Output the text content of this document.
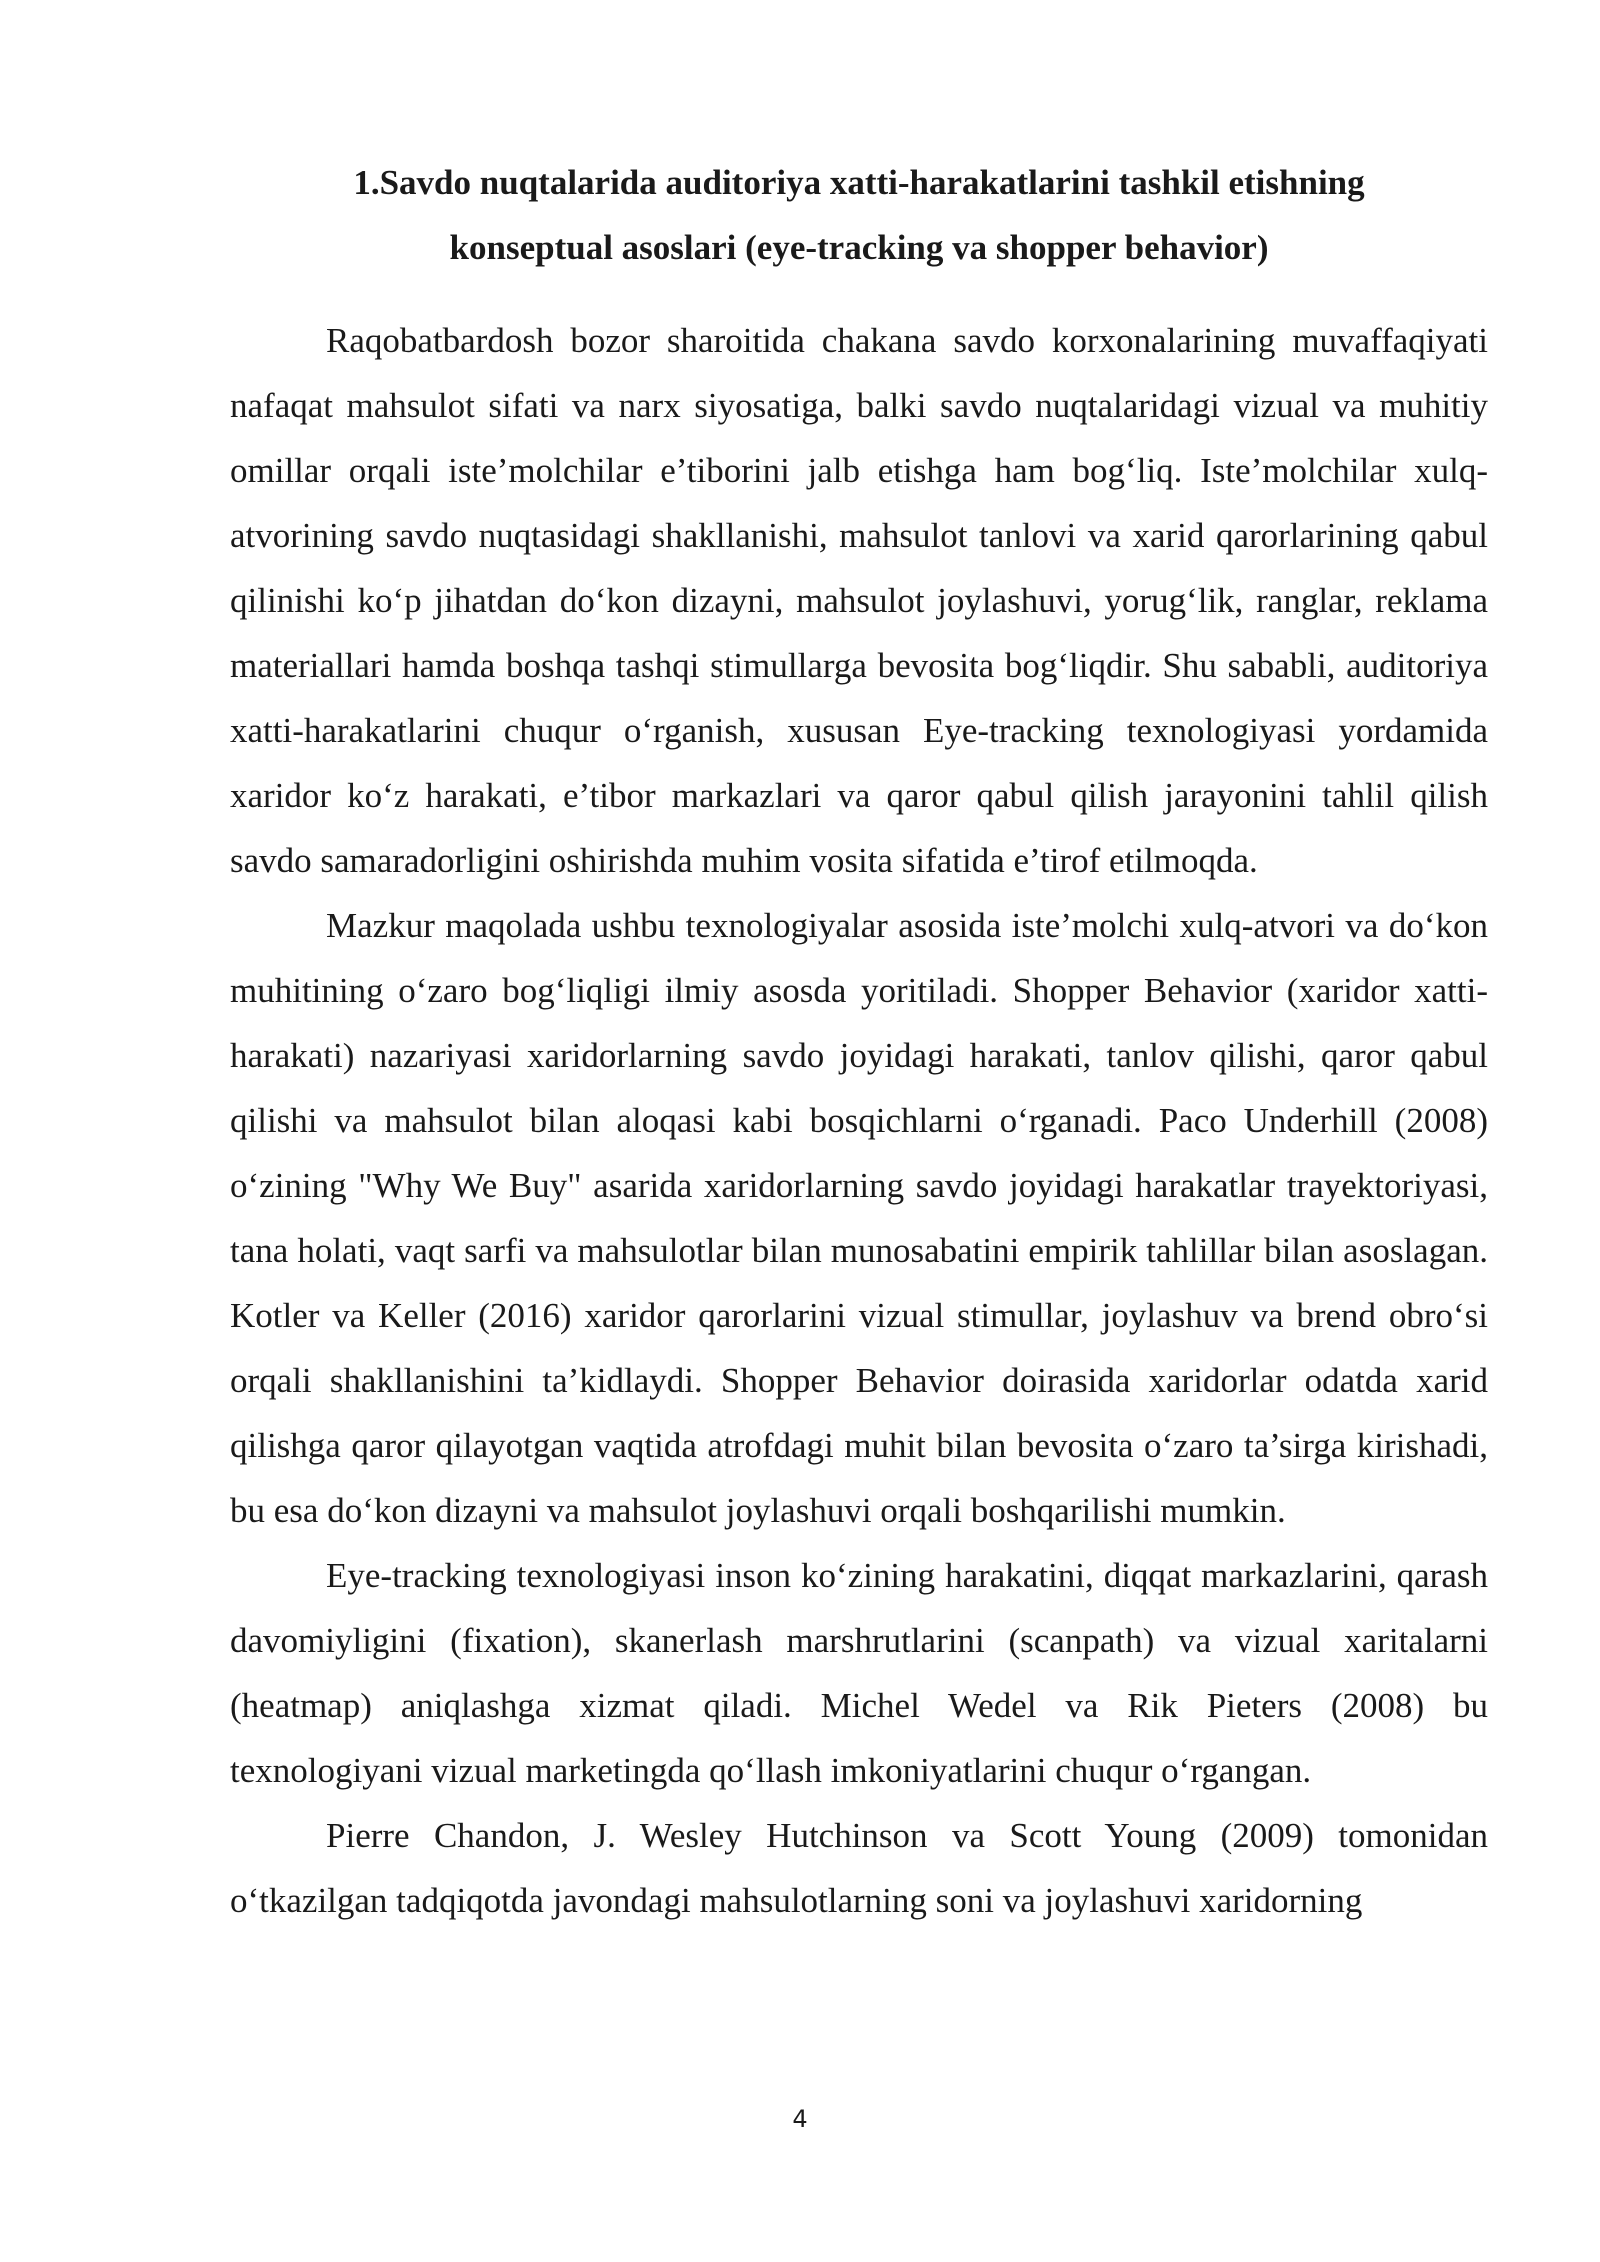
1.Savdo nuqtalarida auditoriya xatti-harakatlarini tashkil etishning
konseptual asoslari (eye-tracking va shopper behavior)

Raqobatbardosh bozor sharoitida chakana savdo korxonalarining muvaffaqiyati nafaqat mahsulot sifati va narx siyosatiga, balki savdo nuqtalaridagi vizual va muhitiy omillar orqali iste’molchilar e’tiborini jalb etishga ham bog‘liq. Iste’molchilar xulq- atvorining savdo nuqtasidagi shakllanishi, mahsulot tanlovi va xarid qarorlarining qabul qilinishi ko‘p jihatdan do‘kon dizayni, mahsulot joylashuvi, yorug‘lik, ranglar, reklama materiallari hamda boshqa tashqi stimullarga bevosita bog‘liqdir. Shu sababli, auditoriya xatti-harakatlarini chuqur o‘rganish, xususan Eye-tracking texnologiyasi yordamida xaridor ko‘z harakati, e’tibor markazlari va qaror qabul qilish jarayonini tahlil qilish savdo samaradorligini oshirishda muhim vosita sifatida e’tirof etilmoqda.

Mazkur maqolada ushbu texnologiyalar asosida iste’molchi xulq-atvori va do‘kon muhitining o‘zaro bog‘liqligi ilmiy asosda yoritiladi. Shopper Behavior (xaridor xatti- harakati) nazariyasi xaridorlarning savdo joyidagi harakati, tanlov qilishi, qaror qabul qilishi va mahsulot bilan aloqasi kabi bosqichlarni o‘rganadi. Paco Underhill (2008) o‘zining "Why We Buy" asarida xaridorlarning savdo joyidagi harakatlar trayektoriyasi, tana holati, vaqt sarfi va mahsulotlar bilan munosabatini empirik tahlillar bilan asoslagan. Kotler va Keller (2016) xaridor qarorlarini vizual stimullar, joylashuv va brend obro‘si orqali shakllanishini ta’kidlaydi. Shopper Behavior doirasida xaridorlar odatda xarid qilishga qaror qilayotgan vaqtida atrofdagi muhit bilan bevosita o‘zaro ta’sirga kirishadi, bu esa do‘kon dizayni va mahsulot joylashuvi orqali boshqarilishi mumkin.

Eye-tracking texnologiyasi inson ko‘zining harakatini, diqqat markazlarini, qarash davomiyligini (fixation), skanerlash marshrutlarini (scanpath) va vizual xaritalarni (heatmap) aniqlashga xizmat qiladi. Michel Wedel va Rik Pieters (2008) bu texnologiyani vizual marketingda qo‘llash imkoniyatlarini chuqur o‘rgangan.

Pierre Chandon, J. Wesley Hutchinson va Scott Young (2009) tomonidan o‘tkazilgan tadqiqotda javondagi mahsulotlarning soni va joylashuvi xaridorning

4
